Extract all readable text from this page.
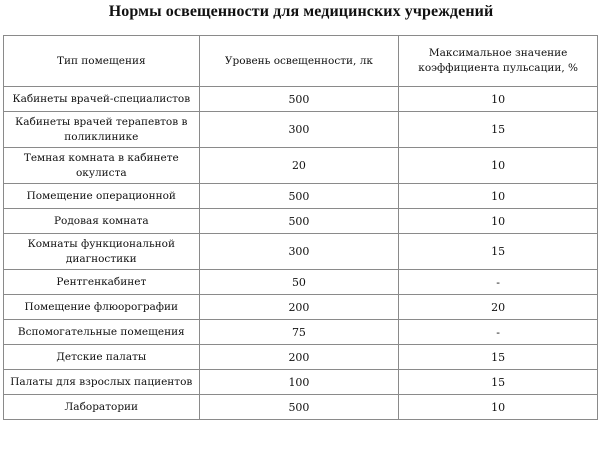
Нормы освещенности для медицинских учреждений
Тип помещения	Уровень освещенности, лк	Максимальное значение коэффициента пульсации, %
Кабинеты врачей-специалистов	500	10
Кабинеты врачей терапевтов в поликлинике	300	15
Темная комната в кабинете окулиста	20	10
Помещение операционной	500	10
Родовая комната	500	10
Комнаты функциональной диагностики	300	15
Рентгенкабинет	50	-
Помещение флюорографии	200	20
Вспомогательные помещения	75	-
Детские палаты	200	15
Палаты для взрослых пациентов	100	15
Лаборатории	500	10
